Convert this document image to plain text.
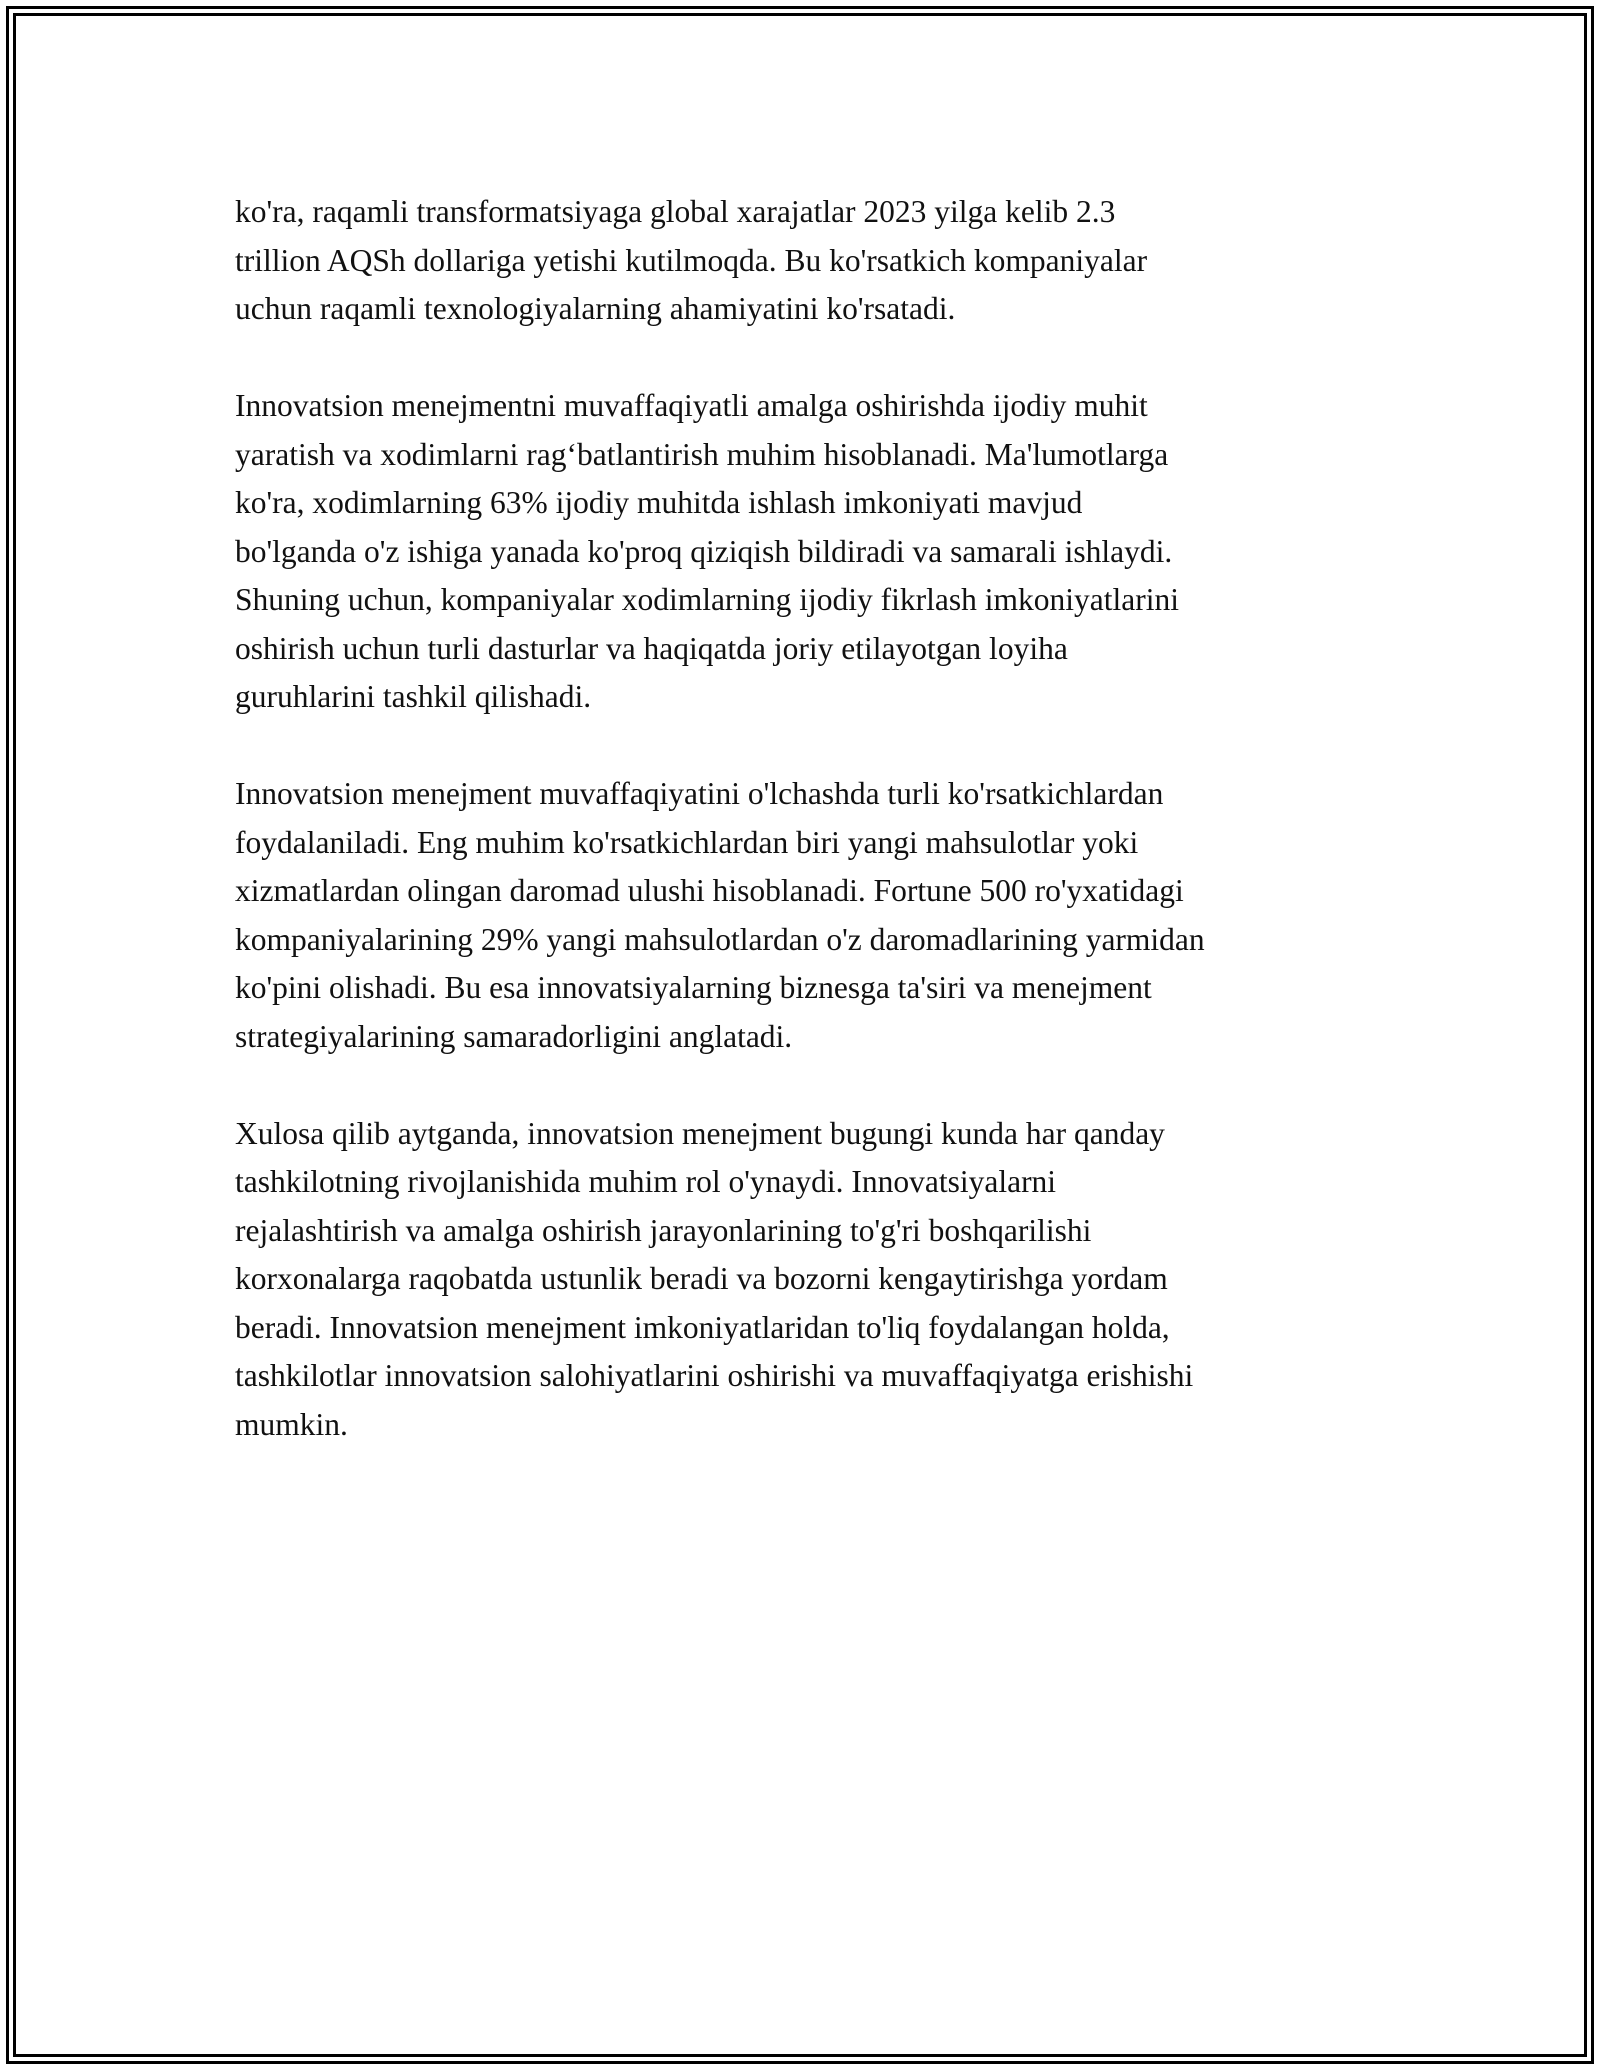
ko'ra, raqamli transformatsiyaga global xarajatlar 2023 yilga kelib 2.3
trillion AQSh dollariga yetishi kutilmoqda. Bu ko'rsatkich kompaniyalar
uchun raqamli texnologiyalarning ahamiyatini ko'rsatadi.

Innovatsion menejmentni muvaffaqiyatli amalga oshirishda ijodiy muhit
yaratish va xodimlarni rag‘batlantirish muhim hisoblanadi. Ma'lumotlarga
ko'ra, xodimlarning 63% ijodiy muhitda ishlash imkoniyati mavjud
bo'lganda o'z ishiga yanada ko'proq qiziqish bildiradi va samarali ishlaydi.
Shuning uchun, kompaniyalar xodimlarning ijodiy fikrlash imkoniyatlarini
oshirish uchun turli dasturlar va haqiqatda joriy etilayotgan loyiha
guruhlarini tashkil qilishadi.

Innovatsion menejment muvaffaqiyatini o'lchashda turli ko'rsatkichlardan
foydalaniladi. Eng muhim ko'rsatkichlardan biri yangi mahsulotlar yoki
xizmatlardan olingan daromad ulushi hisoblanadi. Fortune 500 ro'yxatidagi
kompaniyalarining 29% yangi mahsulotlardan o'z daromadlarining yarmidan
ko'pini olishadi. Bu esa innovatsiyalarning biznesga ta'siri va menejment
strategiyalarining samaradorligini anglatadi.

Xulosa qilib aytganda, innovatsion menejment bugungi kunda har qanday
tashkilotning rivojlanishida muhim rol o'ynaydi. Innovatsiyalarni
rejalashtirish va amalga oshirish jarayonlarining to'g'ri boshqarilishi
korxonalarga raqobatda ustunlik beradi va bozorni kengaytirishga yordam
beradi. Innovatsion menejment imkoniyatlaridan to'liq foydalangan holda,
tashkilotlar innovatsion salohiyatlarini oshirishi va muvaffaqiyatga erishishi
mumkin.
